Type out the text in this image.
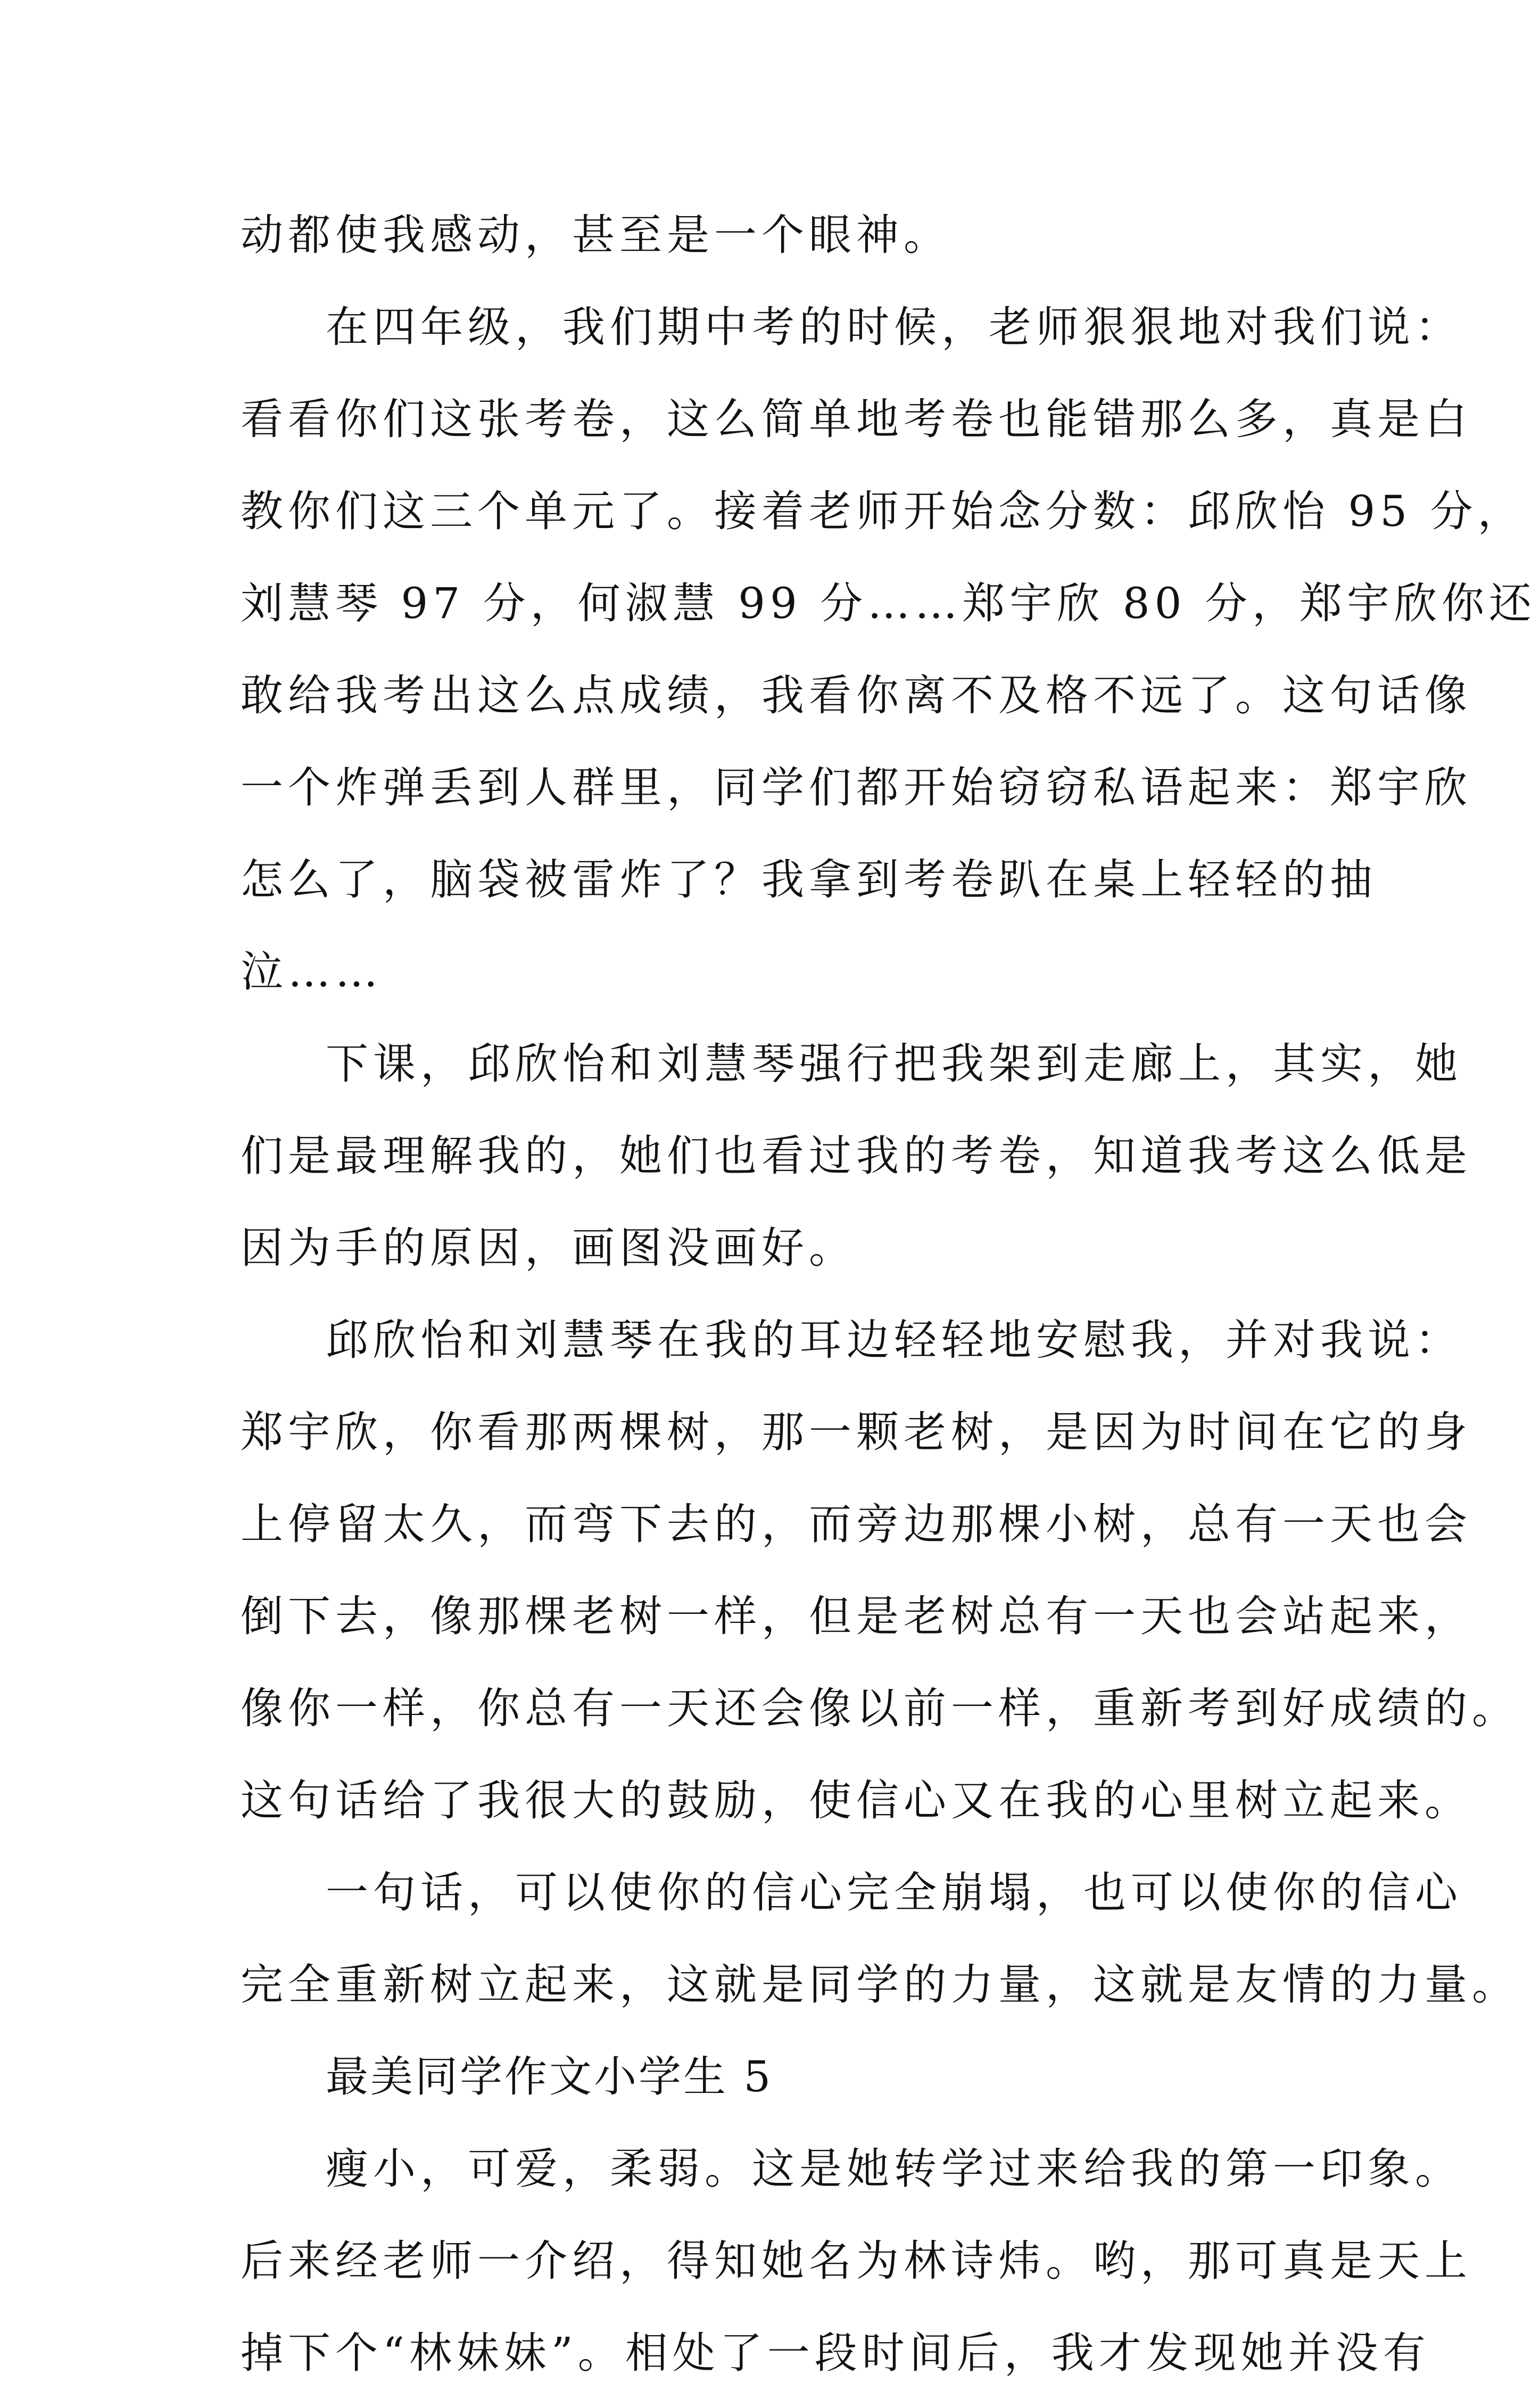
动都使我感动，甚至是一个眼神。
在四年级，我们期中考的时候，老师狠狠地对我们说：
看看你们这张考卷，这么简单地考卷也能错那么多，真是白
教你们这三个单元了。接着老师开始念分数：邱欣怡 95 分，
刘慧琴 97 分，何淑慧 99 分……郑宇欣 80 分，郑宇欣你还
敢给我考出这么点成绩，我看你离不及格不远了。这句话像
一个炸弹丢到人群里，同学们都开始窃窃私语起来：郑宇欣
怎么了，脑袋被雷炸了？我拿到考卷趴在桌上轻轻的抽
泣……
下课，邱欣怡和刘慧琴强行把我架到走廊上，其实，她
们是最理解我的，她们也看过我的考卷，知道我考这么低是
因为手的原因，画图没画好。
邱欣怡和刘慧琴在我的耳边轻轻地安慰我，并对我说：
郑宇欣，你看那两棵树，那一颗老树，是因为时间在它的身
上停留太久，而弯下去的，而旁边那棵小树，总有一天也会
倒下去，像那棵老树一样，但是老树总有一天也会站起来，
像你一样，你总有一天还会像以前一样，重新考到好成绩的。
这句话给了我很大的鼓励，使信心又在我的心里树立起来。
一句话，可以使你的信心完全崩塌，也可以使你的信心
完全重新树立起来，这就是同学的力量，这就是友情的力量。
最美同学作文小学生 5
瘦小，可爱，柔弱。这是她转学过来给我的第一印象。
后来经老师一介绍，得知她名为林诗炜。哟，那可真是天上
掉下个“林妹妹”。相处了一段时间后，我才发现她并没有
